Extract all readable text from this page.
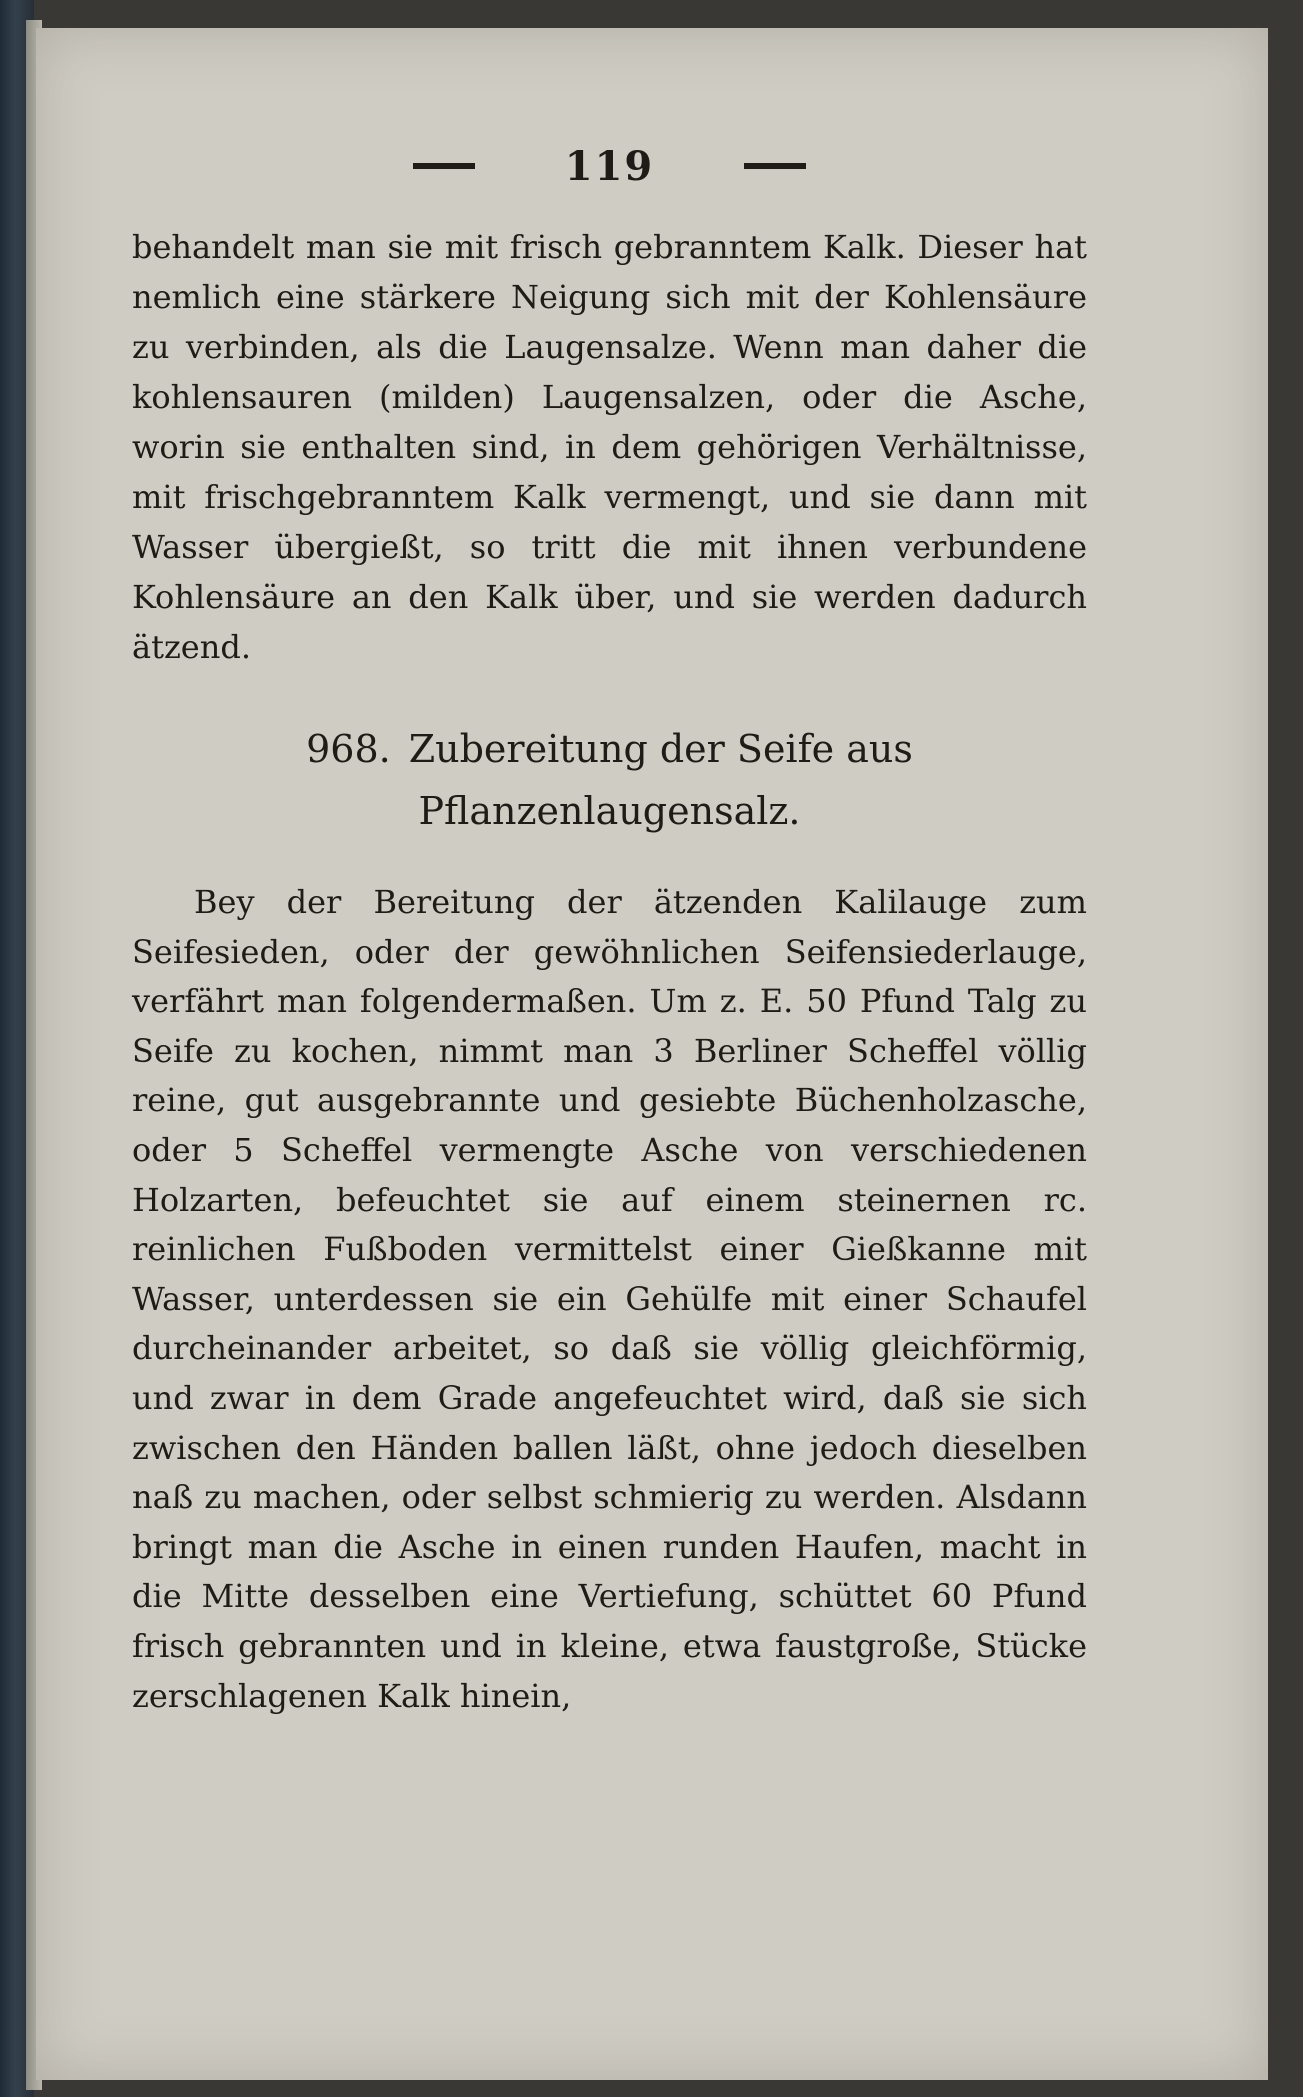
119
behandelt man sie mit frisch gebranntem Kalk. Dieser hat nemlich eine stärkere Neigung sich mit der Kohlensäure zu verbinden, als die Laugensalze. Wenn man daher die kohlensauren (milden) Laugensalzen, oder die Asche, worin sie enthalten sind, in dem gehörigen Verhältnisse, mit frischgebranntem Kalk vermengt, und sie dann mit Wasser übergießt, so tritt die mit ihnen verbundene Kohlensäure an den Kalk über, und sie werden dadurch ätzend.
968. Zubereitung der Seife aus Pflanzenlaugensalz.
Bey der Bereitung der ätzenden Kalilauge zum Seifesieden, oder der gewöhnlichen Seifensiederlauge, verfährt man folgendermaßen. Um z. E. 50 Pfund Talg zu Seife zu kochen, nimmt man 3 Berliner Scheffel völlig reine, gut ausgebrannte und gesiebte Büchenholzasche, oder 5 Scheffel vermengte Asche von verschiedenen Holzarten, befeuchtet sie auf einem steinernen rc. reinlichen Fußboden vermittelst einer Gießkanne mit Wasser, unterdessen sie ein Gehülfe mit einer Schaufel durcheinander arbeitet, so daß sie völlig gleichförmig, und zwar in dem Grade angefeuchtet wird, daß sie sich zwischen den Händen ballen läßt, ohne jedoch dieselben naß zu machen, oder selbst schmierig zu werden. Alsdann bringt man die Asche in einen runden Haufen, macht in die Mitte desselben eine Vertiefung, schüttet 60 Pfund frisch gebrannten und in kleine, etwa faustgroße, Stücke zerschlagenen Kalk hinein,
